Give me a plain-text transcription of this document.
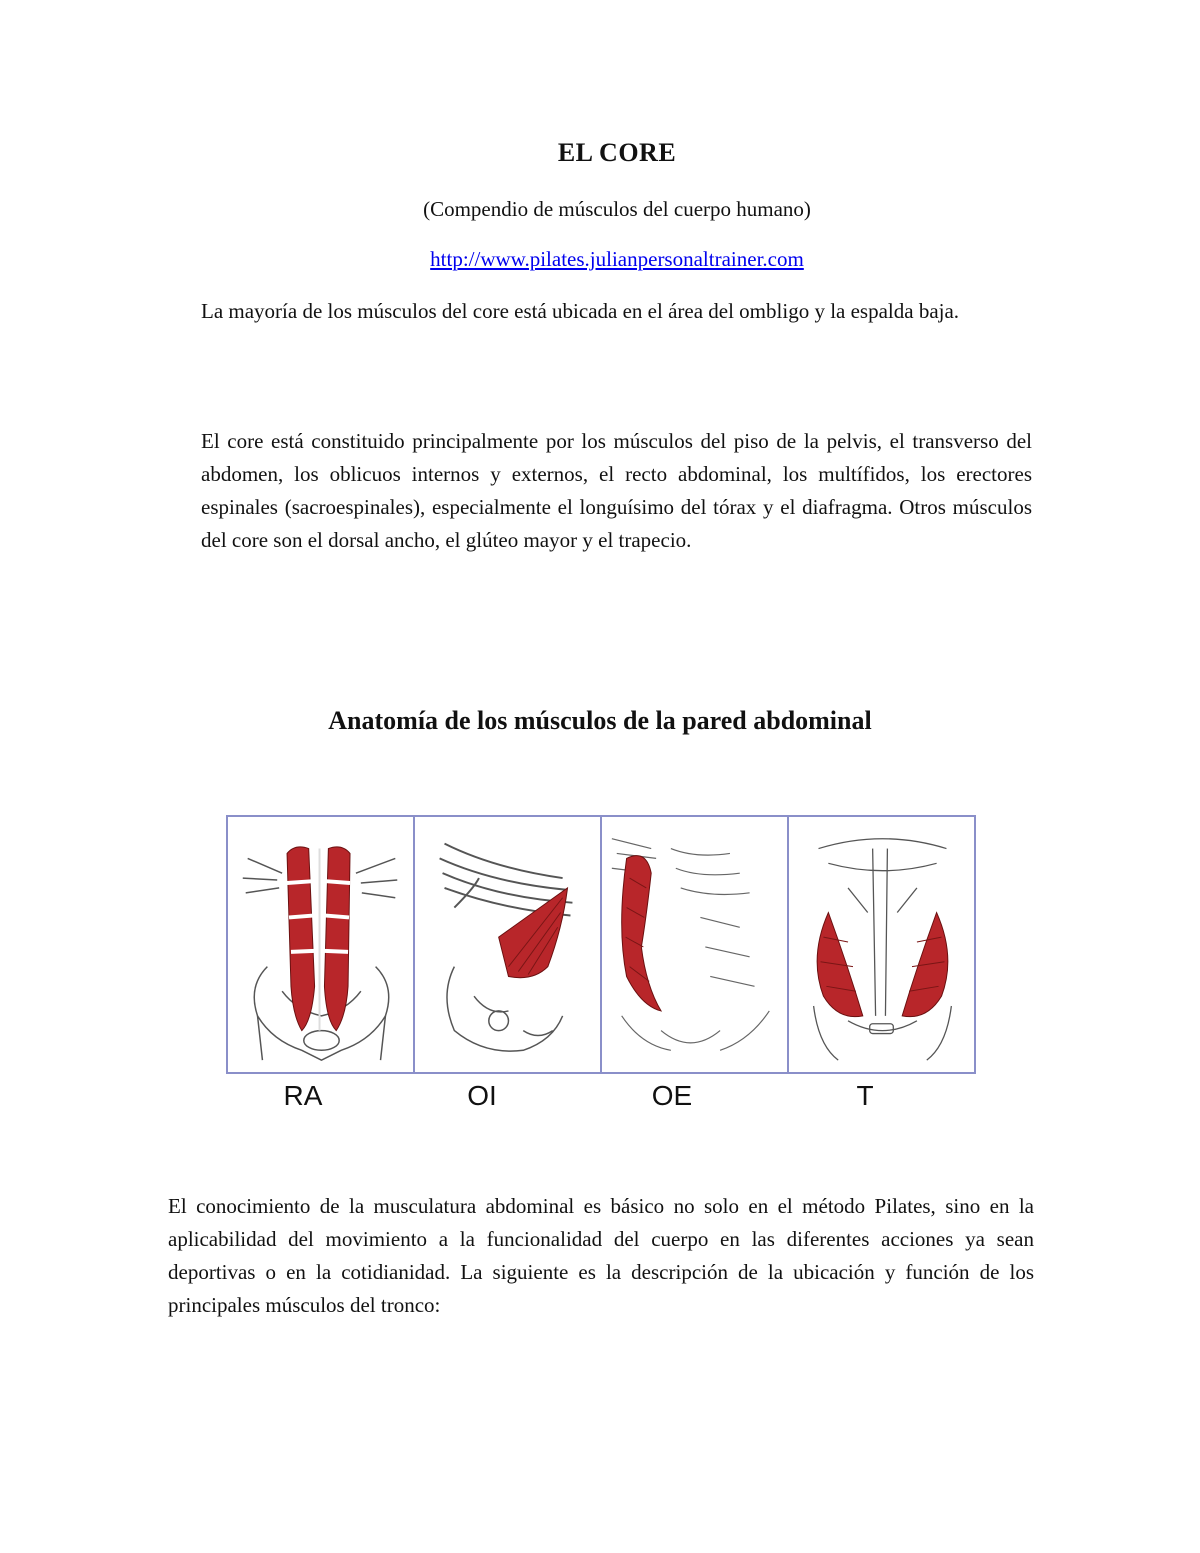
EL CORE
(Compendio de músculos del cuerpo humano)
http://www.pilates.julianpersonaltrainer.com
La mayoría de los músculos del core está ubicada en el área del ombligo y la espalda baja.
El core está constituido principalmente por los músculos del piso de la pelvis, el transverso del abdomen, los oblicuos internos y externos, el recto abdominal, los multífidos, los erectores espinales (sacroespinales), especialmente el longuísimo del tórax y el diafragma. Otros músculos del core son el dorsal ancho, el glúteo mayor y el trapecio.
Anatomía de los músculos de la pared abdominal
RA	OI	OE	T
El conocimiento de la musculatura abdominal es básico no solo en el método Pilates, sino en la aplicabilidad del movimiento a la funcionalidad del cuerpo en las diferentes acciones ya sean deportivas o en la cotidianidad. La siguiente es la descripción de la ubicación y función de los principales músculos del tronco:
